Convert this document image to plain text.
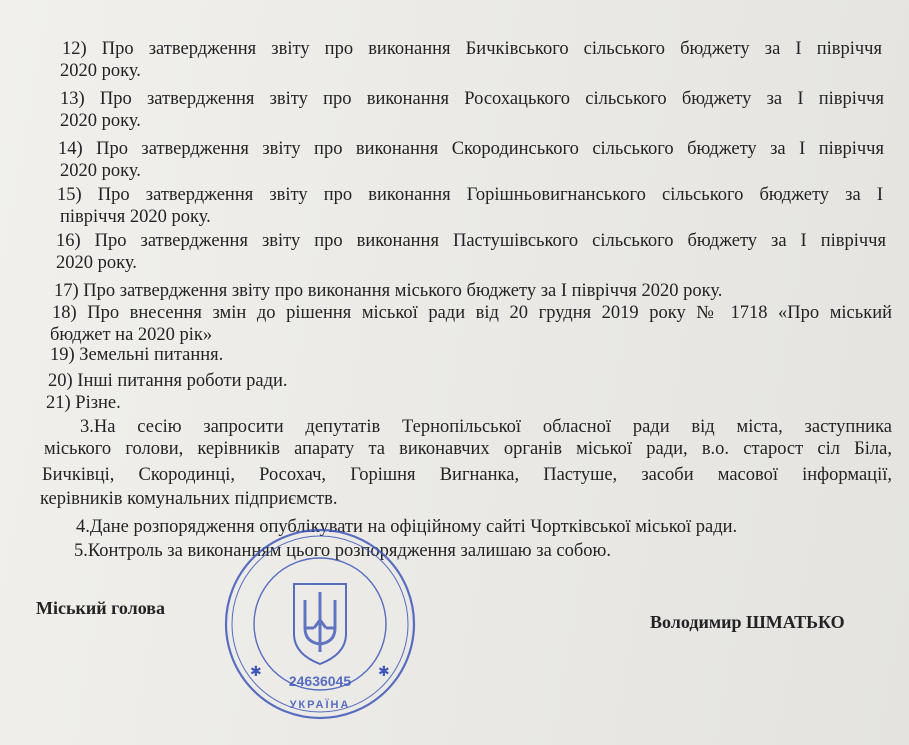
12) Про затвердження звіту про виконання Бичківського сільського бюджету за І півріччя
2020 року.
13) Про затвердження звіту про виконання Росохацького сільського бюджету за І півріччя
2020 року.
14) Про затвердження звіту про виконання Скородинського сільського бюджету за І півріччя
2020 року.
15) Про затвердження звіту про виконання Горішньовигнанського сільського бюджету за І
півріччя 2020 року.
16) Про затвердження звіту про виконання Пастушівського сільського бюджету за І півріччя
2020 року.
17) Про затвердження звіту про виконання міського бюджету за І півріччя 2020 року.
18) Про внесення змін до рішення міської ради від 20 грудня 2019 року № 1718 «Про міський
бюджет на 2020 рік»
19) Земельні питання.
20) Інші питання роботи ради.
21) Різне.
3.На сесію запросити депутатів Тернопільської обласної ради від міста, заступника
міського голови, керівників апарату та виконавчих органів міської ради, в.о. старост сіл Біла,
Бичківці, Скородинці, Росохач, Горішня Вигнанка, Пастуше, засоби масової інформації,
керівників комунальних підприємств.
4.Дане розпорядження опублікувати на офіційному сайті Чортківської міської ради.
5.Контроль за виконанням цього розпорядження залишаю за собою.
Міський голова
Володимир ШМАТЬКО
24636045
УКРАЇНА
✱	✱
